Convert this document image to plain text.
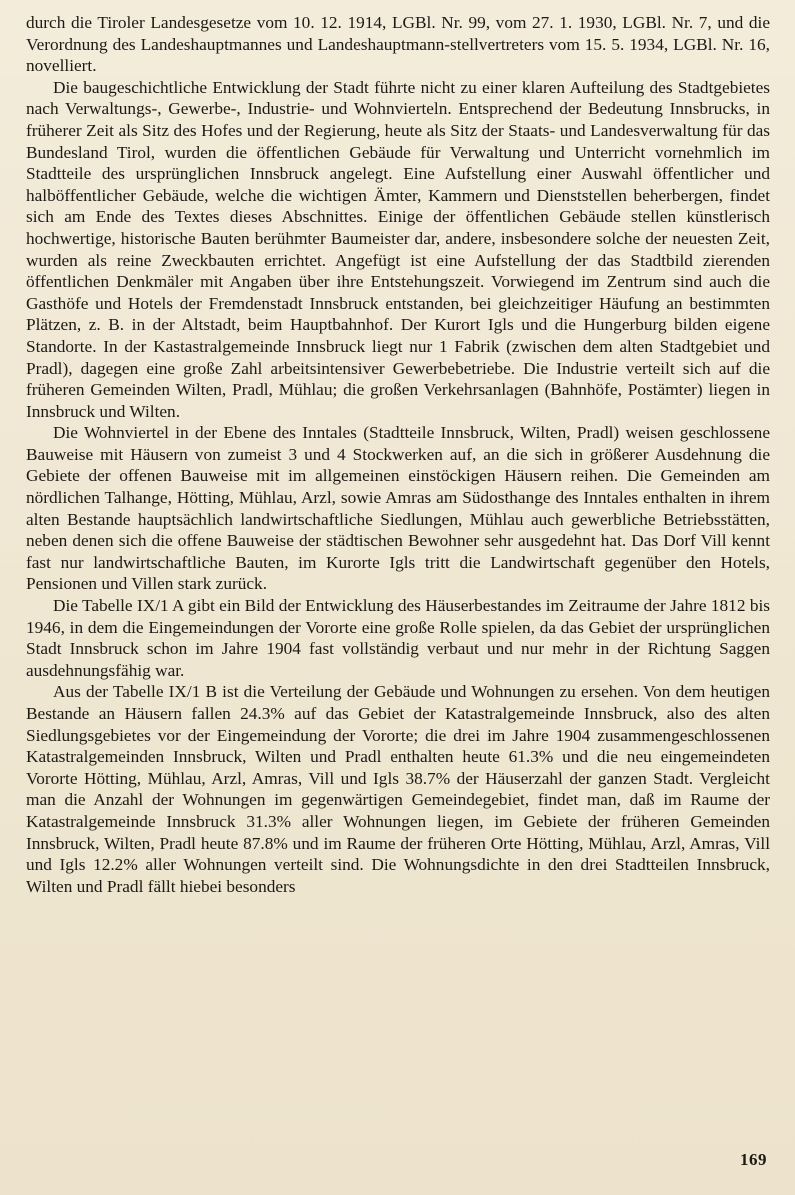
durch die Tiroler Landesgesetze vom 10. 12. 1914, LGBl. Nr. 99, vom 27. 1. 1930, LGBl. Nr. 7, und die Verordnung des Landeshauptmannes und Landeshauptmann-stellvertreters vom 15. 5. 1934, LGBl. Nr. 16, novelliert.

Die baugeschichtliche Entwicklung der Stadt führte nicht zu einer klaren Aufteilung des Stadtgebietes nach Verwaltungs-, Gewerbe-, Industrie- und Wohnvierteln. Entsprechend der Bedeutung Innsbrucks, in früherer Zeit als Sitz des Hofes und der Regierung, heute als Sitz der Staats- und Landesverwaltung für das Bundesland Tirol, wurden die öffentlichen Gebäude für Verwaltung und Unterricht vornehmlich im Stadtteile des ursprünglichen Innsbruck angelegt. Eine Aufstellung einer Auswahl öffentlicher und halböffentlicher Gebäude, welche die wichtigen Ämter, Kammern und Dienststellen beherbergen, findet sich am Ende des Textes dieses Abschnittes. Einige der öffentlichen Gebäude stellen künstlerisch hochwertige, historische Bauten berühmter Baumeister dar, andere, insbesondere solche der neuesten Zeit, wurden als reine Zweckbauten errichtet. Angefügt ist eine Aufstellung der das Stadtbild zierenden öffentlichen Denkmäler mit Angaben über ihre Entstehungszeit. Vorwiegend im Zentrum sind auch die Gasthöfe und Hotels der Fremdenstadt Innsbruck entstanden, bei gleichzeitiger Häufung an bestimmten Plätzen, z. B. in der Altstadt, beim Hauptbahnhof. Der Kurort Igls und die Hungerburg bilden eigene Standorte. In der Kastastralgemeinde Innsbruck liegt nur 1 Fabrik (zwischen dem alten Stadtgebiet und Pradl), dagegen eine große Zahl arbeitsintensiver Gewerbebetriebe. Die Industrie verteilt sich auf die früheren Gemeinden Wilten, Pradl, Mühlau; die großen Verkehrsanlagen (Bahnhöfe, Postämter) liegen in Innsbruck und Wilten.

Die Wohnviertel in der Ebene des Inntales (Stadtteile Innsbruck, Wilten, Pradl) weisen geschlossene Bauweise mit Häusern von zumeist 3 und 4 Stockwerken auf, an die sich in größerer Ausdehnung die Gebiete der offenen Bauweise mit im allgemeinen einstöckigen Häusern reihen. Die Gemeinden am nördlichen Talhange, Hötting, Mühlau, Arzl, sowie Amras am Südosthange des Inntales enthalten in ihrem alten Bestande hauptsächlich landwirtschaftliche Siedlungen, Mühlau auch gewerbliche Betriebsstätten, neben denen sich die offene Bauweise der städtischen Bewohner sehr ausgedehnt hat. Das Dorf Vill kennt fast nur landwirtschaftliche Bauten, im Kurorte Igls tritt die Landwirtschaft gegenüber den Hotels, Pensionen und Villen stark zurück.

Die Tabelle IX/1 A gibt ein Bild der Entwicklung des Häuserbestandes im Zeitraume der Jahre 1812 bis 1946, in dem die Eingemeindungen der Vororte eine große Rolle spielen, da das Gebiet der ursprünglichen Stadt Innsbruck schon im Jahre 1904 fast vollständig verbaut und nur mehr in der Richtung Saggen ausdehnungsfähig war.

Aus der Tabelle IX/1 B ist die Verteilung der Gebäude und Wohnungen zu ersehen. Von dem heutigen Bestande an Häusern fallen 24.3% auf das Gebiet der Katastralgemeinde Innsbruck, also des alten Siedlungsgebietes vor der Eingemeindung der Vororte; die drei im Jahre 1904 zusammengeschlossenen Katastralgemeinden Innsbruck, Wilten und Pradl enthalten heute 61.3% und die neu eingemeindeten Vororte Hötting, Mühlau, Arzl, Amras, Vill und Igls 38.7% der Häuserzahl der ganzen Stadt. Vergleicht man die Anzahl der Wohnungen im gegenwärtigen Gemeindegebiet, findet man, daß im Raume der Katastralgemeinde Innsbruck 31.3% aller Wohnungen liegen, im Gebiete der früheren Gemeinden Innsbruck, Wilten, Pradl heute 87.8% und im Raume der früheren Orte Hötting, Mühlau, Arzl, Amras, Vill und Igls 12.2% aller Wohnungen verteilt sind. Die Wohnungsdichte in den drei Stadtteilen Innsbruck, Wilten und Pradl fällt hiebei besonders

169
